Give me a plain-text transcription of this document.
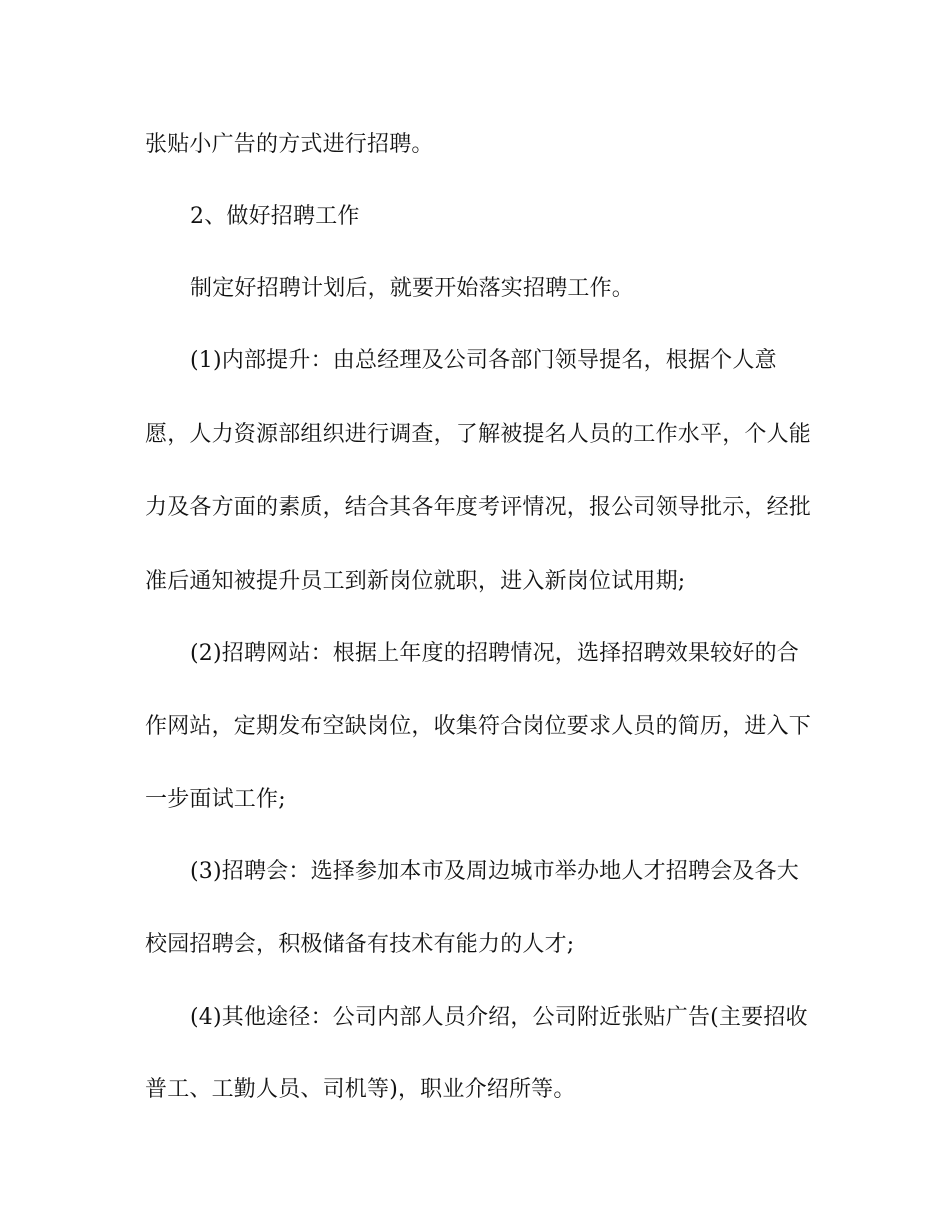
张贴小广告的方式进行招聘。
2、做好招聘工作
制定好招聘计划后，就要开始落实招聘工作。
(1)内部提升：由总经理及公司各部门领导提名，根据个人意
愿，人力资源部组织进行调查，了解被提名人员的工作水平，个人能
力及各方面的素质，结合其各年度考评情况，报公司领导批示，经批
准后通知被提升员工到新岗位就职，进入新岗位试用期;
(2)招聘网站：根据上年度的招聘情况，选择招聘效果较好的合
作网站，定期发布空缺岗位，收集符合岗位要求人员的简历，进入下
一步面试工作;
(3)招聘会：选择参加本市及周边城市举办地人才招聘会及各大
校园招聘会，积极储备有技术有能力的人才;
(4)其他途径：公司内部人员介绍，公司附近张贴广告(主要招收
普工、工勤人员、司机等)，职业介绍所等。
